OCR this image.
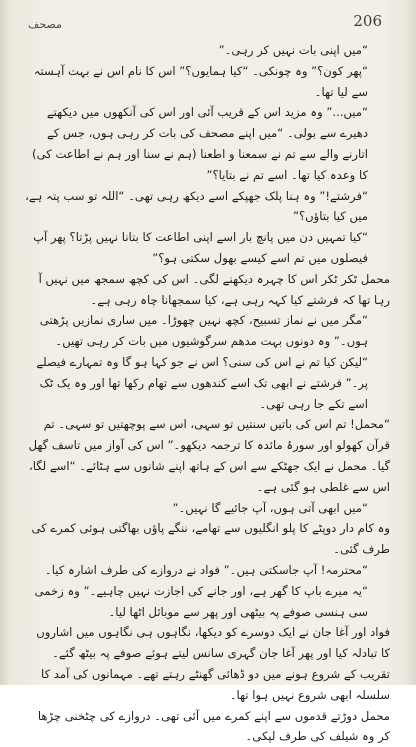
مصحف	206

“میں اپنی بات نہیں کر رہی۔”

“پھر کون؟” وہ چونکی۔ “کیا ہمایوں؟” اس کا نام اس نے بہت آہستہ سے لیا تھا۔

“میں...” وہ مزید اس کے قریب آئی اور اس کی آنکھوں میں دیکھتے دھیرے سے بولی۔ “میں اپنے مصحف کی بات کر رہی ہوں، جس کے اتارنے والے سے تم نے سمعنا و اطعنا (ہم نے سنا اور ہم نے اطاعت کی) کا وعدہ کیا تھا۔ اسے تم نے بتایا؟”

“فرشتے!” وہ ہنا پلک جھپکے اسے دیکھ رہی تھی۔ “اللہ تو سب پتہ ہے، میں کیا بتاؤں؟”

“کیا تمہیں دن میں پانچ بار اسے اپنی اطاعت کا بتانا نہیں پڑتا؟ پھر آپ فیصلوں میں تم اسے کیسے بھول سکتی ہو؟”

محمل ٹکر ٹکر اس کا چہرہ دیکھنے لگی۔ اس کی کچھ سمجھ میں نہیں آ رہا تھا کہ فرشتے کیا کہہ رہی ہے، کیا سمجھانا چاہ رہی ہے۔

“مگر میں نے نماز تسبیح، کچھ نہیں چھوڑا۔ میں ساری نمازیں پڑھتی ہوں۔” وہ دونوں بہت مدھم سرگوشیوں میں بات کر رہی تھیں۔

“لیکن کیا تم نے اس کی سنی؟ اس نے جو کہا ہو گا وہ تمہارے فیصلے پر۔” فرشتے نے ابھی تک اسے کندھوں سے تھام رکھا تھا اور وہ یک ٹک اسے تکے جا رہی تھی۔

“محمل! تم اس کی باتیں سنتیں تو سہی، اس سے پوچھتیں تو سہی۔ تم قرآن کھولو اور سورۂ مائدہ کا ترجمہ دیکھو۔” اس کی آواز میں تاسف گھل گیا۔ محمل نے ایک جھٹکے سے اس کے ہاتھ اپنے شانوں سے ہٹائے۔ “اسے لگا، اس سے غلطی ہو گئی ہے۔

“میں ابھی آتی ہوں، آپ جائیے گا نہیں۔”

وہ کام دار دوپٹے کا پلو انگلیوں سے تھامے، ننگے پاؤں بھاگتی ہوئی کمرے کی طرف گئی۔

“محترمہ! آپ جاسکتی ہیں۔” فواد نے دروازے کی طرف اشارہ کیا۔

“یہ میرے باپ کا گھر ہے، اور جانے کی اجازت نہیں چاہیے۔” وہ زخمی سی ہنسی صوفے پہ بیٹھی اور پھر سے موبائل اٹھا لیا۔

فواد اور آغا جان نے ایک دوسرے کو دیکھا، نگاہوں ہی نگاہوں میں اشاروں کا تبادلہ کیا اور پھر آغا جان گہری سانس لیتے ہوئے صوفے پہ بیٹھ گئے۔ تقریب کے شروع ہونے میں دو ڈھائی گھنٹے رہتے تھے۔ مہمانوں کی آمد کا سلسلہ ابھی شروع نہیں ہوا تھا۔

محمل دوڑتے قدموں سے اپنے کمرے میں آئی تھی۔ دروازے کی چٹخنی چڑھا کر وہ شیلف کی طرف لپکی۔
